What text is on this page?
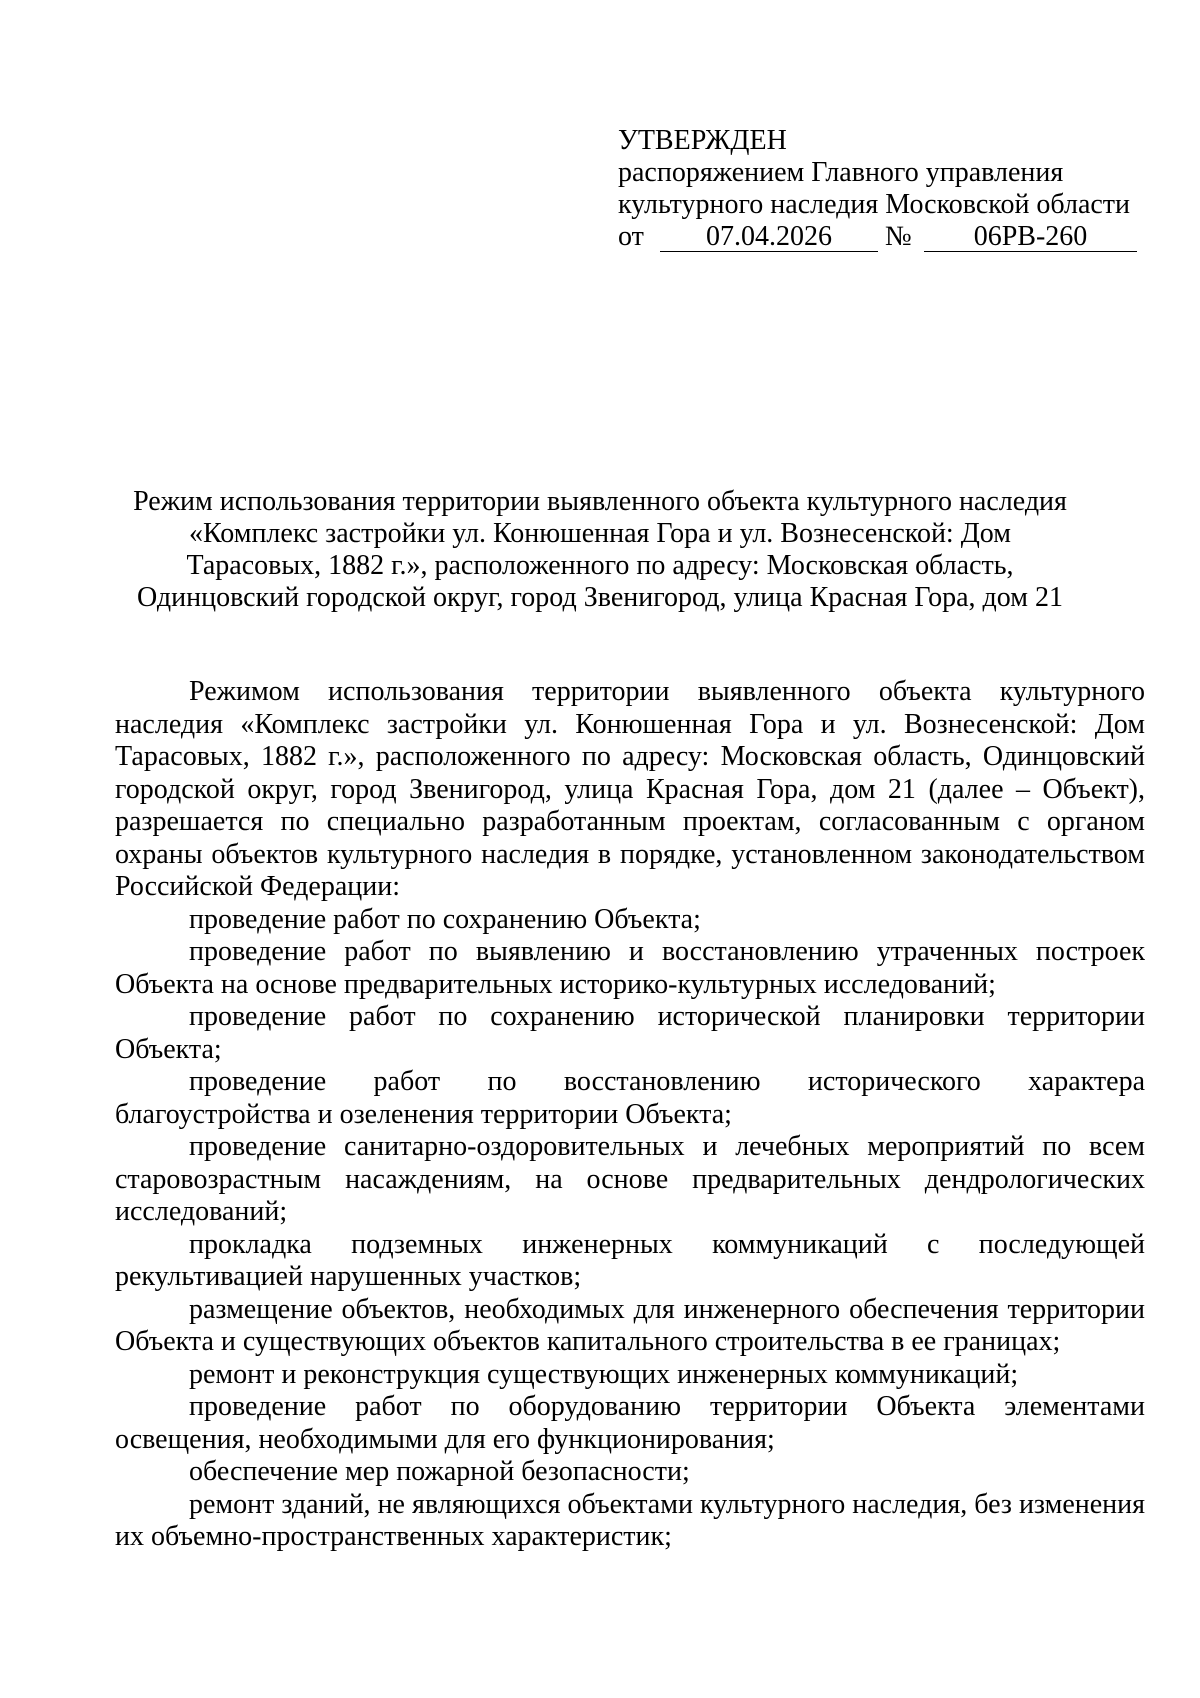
УТВЕРЖДЕН
распоряжением Главного управления
культурного наследия Московской области
от	07.04.2026	№	06РВ-260
Режим использования территории выявленного объекта культурного наследия «Комплекс застройки ул. Конюшенная Гора и ул. Вознесенской: Дом Тарасовых, 1882 г.», расположенного по адресу: Московская область, Одинцовский городской округ, город Звенигород, улица Красная Гора, дом 21

Режимом использования территории выявленного объекта культурного наследия «Комплекс застройки ул. Конюшенная Гора и ул. Вознесенской: Дом Тарасовых, 1882 г.», расположенного по адресу: Московская область, Одинцовский городской округ, город Звенигород, улица Красная Гора, дом 21 (далее – Объект), разрешается по специально разработанным проектам, согласованным с органом охраны объектов культурного наследия в порядке, установленном законодательством Российской Федерации:

проведение работ по сохранению Объекта;

проведение работ по выявлению и восстановлению утраченных построек Объекта на основе предварительных историко-культурных исследований;

проведение работ по сохранению исторической планировки территории Объекта;

проведение работ по восстановлению исторического характера благоустройства и озеленения территории Объекта;

проведение санитарно-оздоровительных и лечебных мероприятий по всем старовозрастным насаждениям, на основе предварительных дендрологических исследований;

прокладка подземных инженерных коммуникаций с последующей рекультивацией нарушенных участков;

размещение объектов, необходимых для инженерного обеспечения территории Объекта и существующих объектов капитального строительства в ее границах;

ремонт и реконструкция существующих инженерных коммуникаций;

проведение работ по оборудованию территории Объекта элементами освещения, необходимыми для его функционирования;

обеспечение мер пожарной безопасности;

ремонт зданий, не являющихся объектами культурного наследия, без изменения их объемно-пространственных характеристик;
